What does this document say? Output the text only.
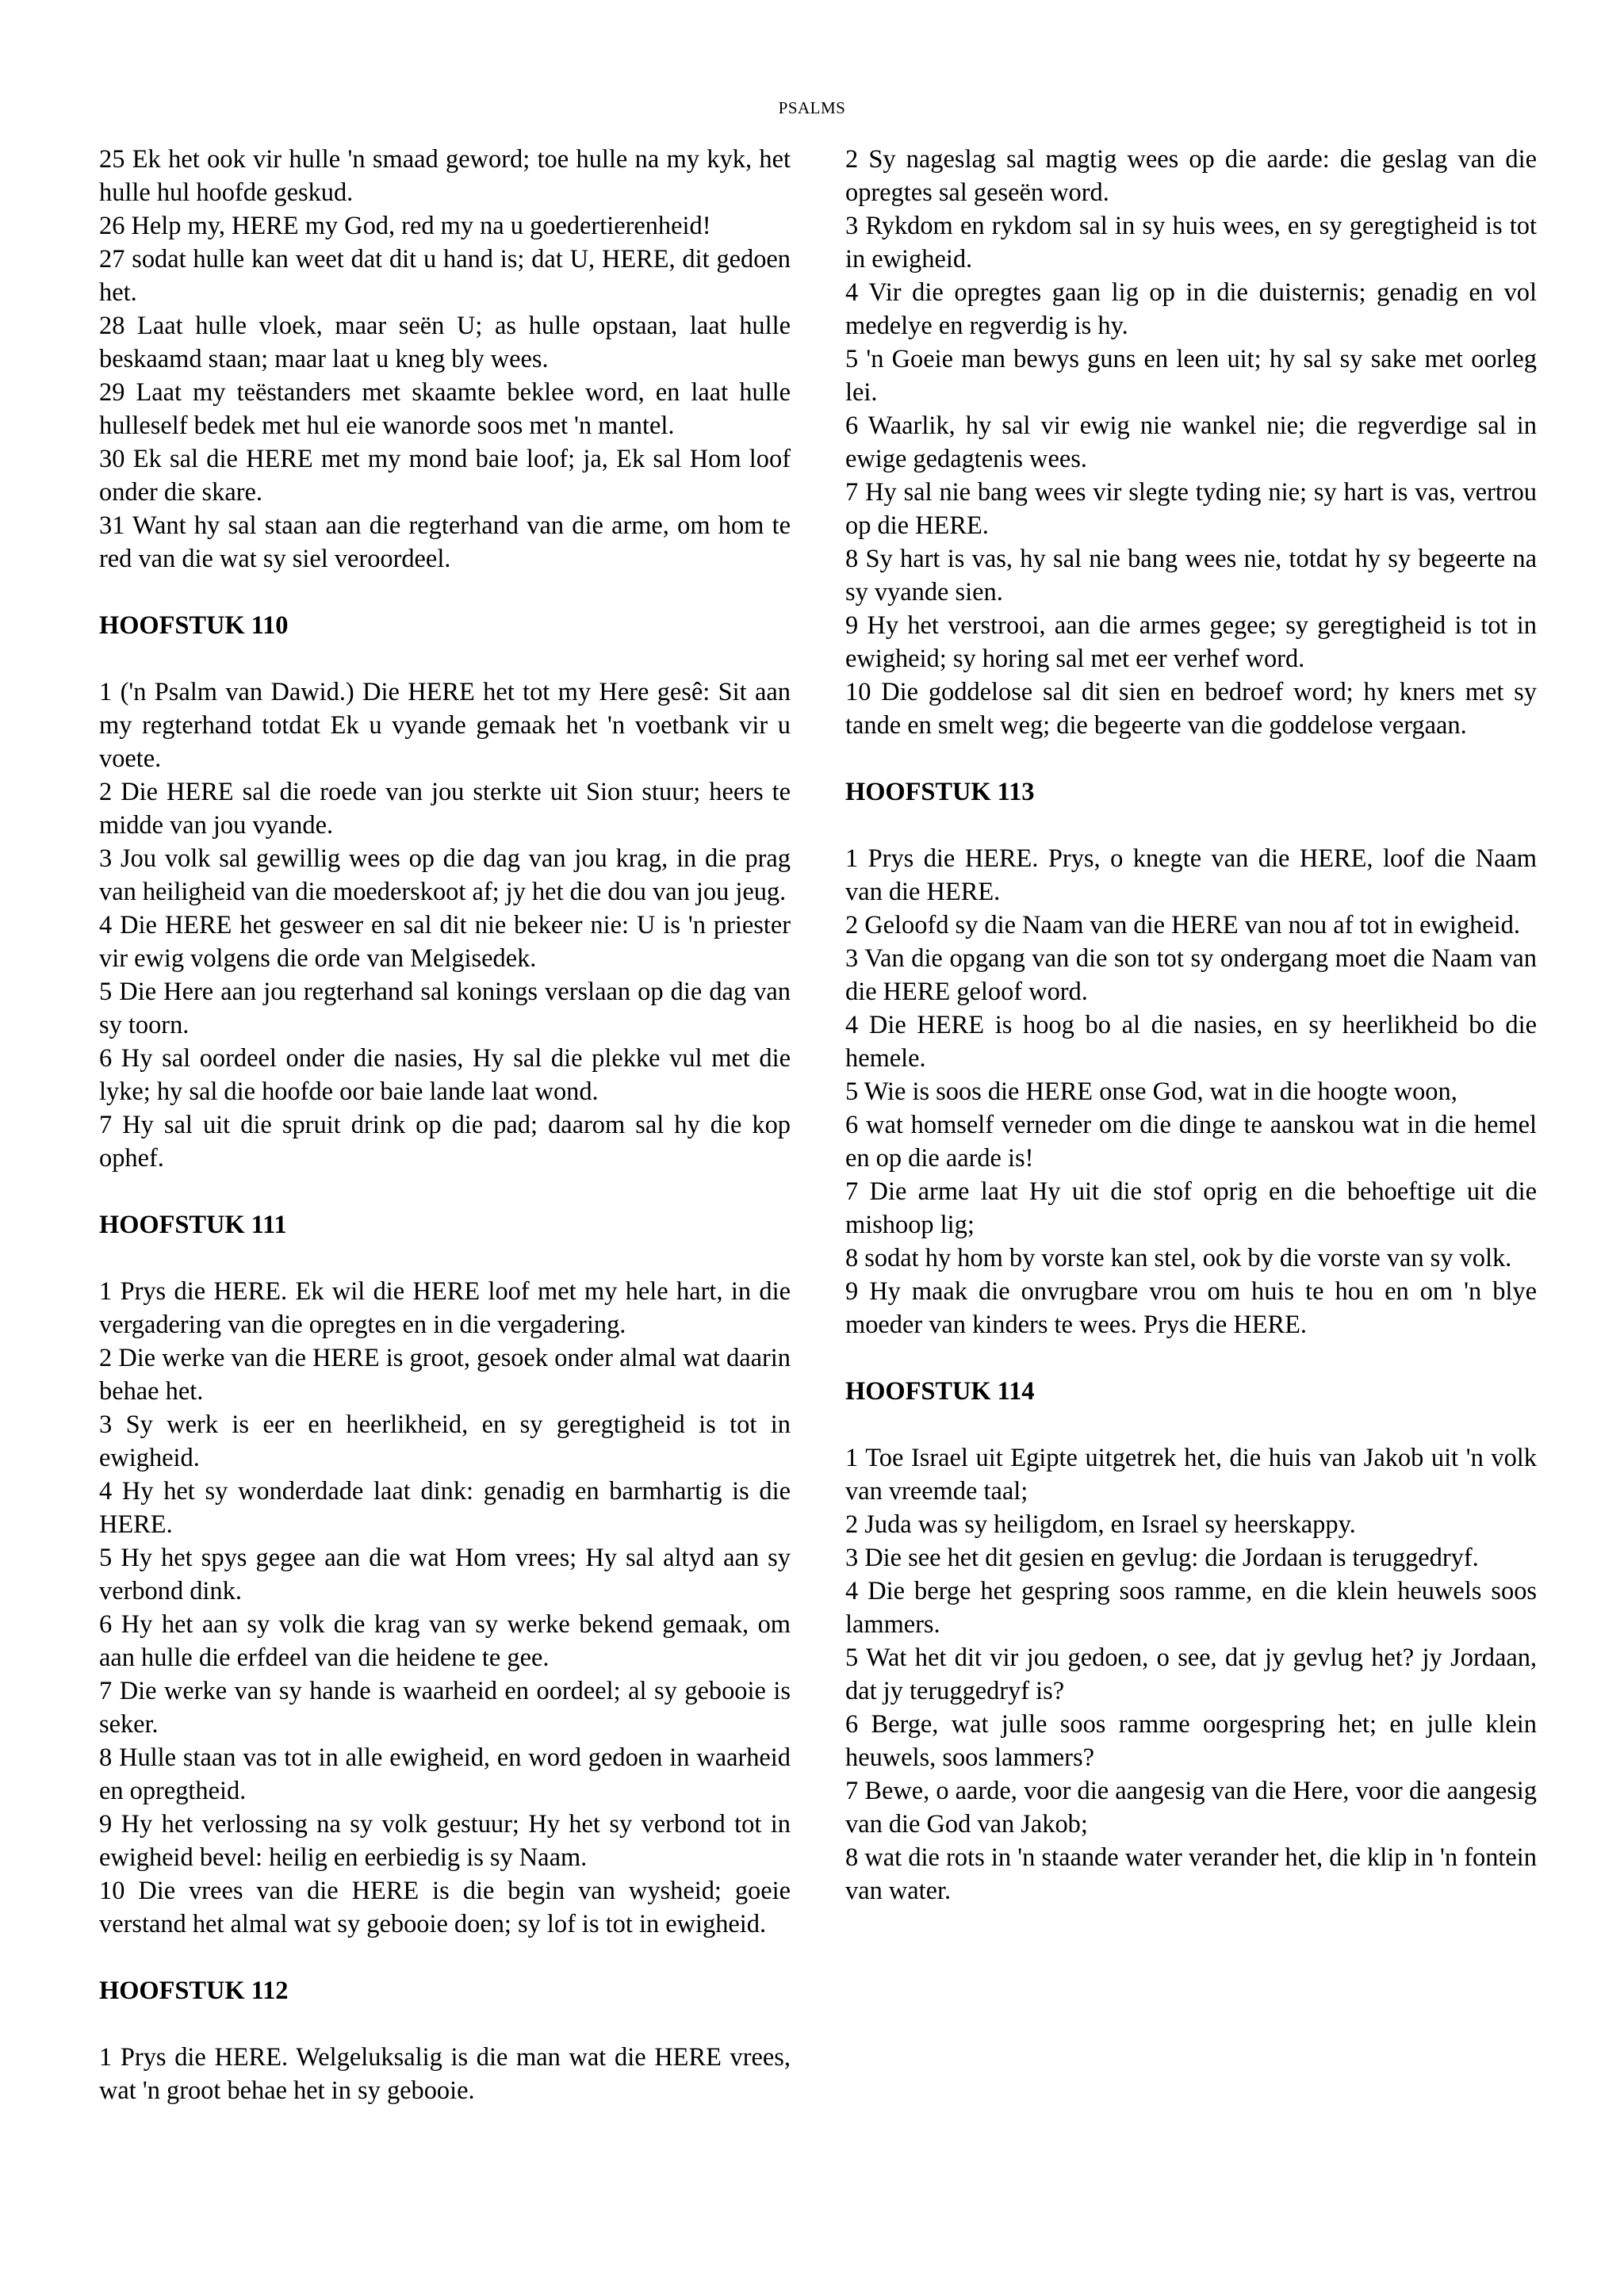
PSALMS
25 Ek het ook vir hulle 'n smaad geword; toe hulle na my kyk, het hulle hul hoofde geskud.
26 Help my, HERE my God, red my na u goedertierenheid!
27 sodat hulle kan weet dat dit u hand is; dat U, HERE, dit gedoen het.
28 Laat hulle vloek, maar seën U; as hulle opstaan, laat hulle beskaamd staan; maar laat u kneg bly wees.
29 Laat my teëstanders met skaamte beklee word, en laat hulle hulleself bedek met hul eie wanorde soos met 'n mantel.
30 Ek sal die HERE met my mond baie loof; ja, Ek sal Hom loof onder die skare.
31 Want hy sal staan aan die regterhand van die arme, om hom te red van die wat sy siel veroordeel.
HOOFSTUK 110
1 ('n Psalm van Dawid.) Die HERE het tot my Here gesê: Sit aan my regterhand totdat Ek u vyande gemaak het 'n voetbank vir u voete.
2 Die HERE sal die roede van jou sterkte uit Sion stuur; heers te midde van jou vyande.
3 Jou volk sal gewillig wees op die dag van jou krag, in die prag van heiligheid van die moederskoot af; jy het die dou van jou jeug.
4 Die HERE het gesweer en sal dit nie bekeer nie: U is 'n priester vir ewig volgens die orde van Melgisedek.
5 Die Here aan jou regterhand sal konings verslaan op die dag van sy toorn.
6 Hy sal oordeel onder die nasies, Hy sal die plekke vul met die lyke; hy sal die hoofde oor baie lande laat wond.
7 Hy sal uit die spruit drink op die pad; daarom sal hy die kop ophef.
HOOFSTUK 111
1 Prys die HERE. Ek wil die HERE loof met my hele hart, in die vergadering van die opregtes en in die vergadering.
2 Die werke van die HERE is groot, gesoek onder almal wat daarin behae het.
3 Sy werk is eer en heerlikheid, en sy geregtigheid is tot in ewigheid.
4 Hy het sy wonderdade laat dink: genadig en barmhartig is die HERE.
5 Hy het spys gegee aan die wat Hom vrees; Hy sal altyd aan sy verbond dink.
6 Hy het aan sy volk die krag van sy werke bekend gemaak, om aan hulle die erfdeel van die heidene te gee.
7 Die werke van sy hande is waarheid en oordeel; al sy gebooie is seker.
8 Hulle staan vas tot in alle ewigheid, en word gedoen in waarheid en opregtheid.
9 Hy het verlossing na sy volk gestuur; Hy het sy verbond tot in ewigheid bevel: heilig en eerbiedig is sy Naam.
10 Die vrees van die HERE is die begin van wysheid; goeie verstand het almal wat sy gebooie doen; sy lof is tot in ewigheid.
HOOFSTUK 112
1 Prys die HERE. Welgeluksalig is die man wat die HERE vrees, wat 'n groot behae het in sy gebooie.
2 Sy nageslag sal magtig wees op die aarde: die geslag van die opregtes sal geseën word.
3 Rykdom en rykdom sal in sy huis wees, en sy geregtigheid is tot in ewigheid.
4 Vir die opregtes gaan lig op in die duisternis; genadig en vol medelye en regverdig is hy.
5 'n Goeie man bewys guns en leen uit; hy sal sy sake met oorleg lei.
6 Waarlik, hy sal vir ewig nie wankel nie; die regverdige sal in ewige gedagtenis wees.
7 Hy sal nie bang wees vir slegte tyding nie; sy hart is vas, vertrou op die HERE.
8 Sy hart is vas, hy sal nie bang wees nie, totdat hy sy begeerte na sy vyande sien.
9 Hy het verstrooi, aan die armes gegee; sy geregtigheid is tot in ewigheid; sy horing sal met eer verhef word.
10 Die goddelose sal dit sien en bedroef word; hy kners met sy tande en smelt weg; die begeerte van die goddelose vergaan.
HOOFSTUK 113
1 Prys die HERE. Prys, o knegte van die HERE, loof die Naam van die HERE.
2 Geloofd sy die Naam van die HERE van nou af tot in ewigheid.
3 Van die opgang van die son tot sy ondergang moet die Naam van die HERE geloof word.
4 Die HERE is hoog bo al die nasies, en sy heerlikheid bo die hemele.
5 Wie is soos die HERE onse God, wat in die hoogte woon,
6 wat homself verneder om die dinge te aanskou wat in die hemel en op die aarde is!
7 Die arme laat Hy uit die stof oprig en die behoeftige uit die mishoop lig;
8 sodat hy hom by vorste kan stel, ook by die vorste van sy volk.
9 Hy maak die onvrugbare vrou om huis te hou en om 'n blye moeder van kinders te wees. Prys die HERE.
HOOFSTUK 114
1 Toe Israel uit Egipte uitgetrek het, die huis van Jakob uit 'n volk van vreemde taal;
2 Juda was sy heiligdom, en Israel sy heerskappy.
3 Die see het dit gesien en gevlug: die Jordaan is teruggedryf.
4 Die berge het gespring soos ramme, en die klein heuwels soos lammers.
5 Wat het dit vir jou gedoen, o see, dat jy gevlug het? jy Jordaan, dat jy teruggedryf is?
6 Berge, wat julle soos ramme oorgespring het; en julle klein heuwels, soos lammers?
7 Bewe, o aarde, voor die aangesig van die Here, voor die aangesig van die God van Jakob;
8 wat die rots in 'n staande water verander het, die klip in 'n fontein van water.
